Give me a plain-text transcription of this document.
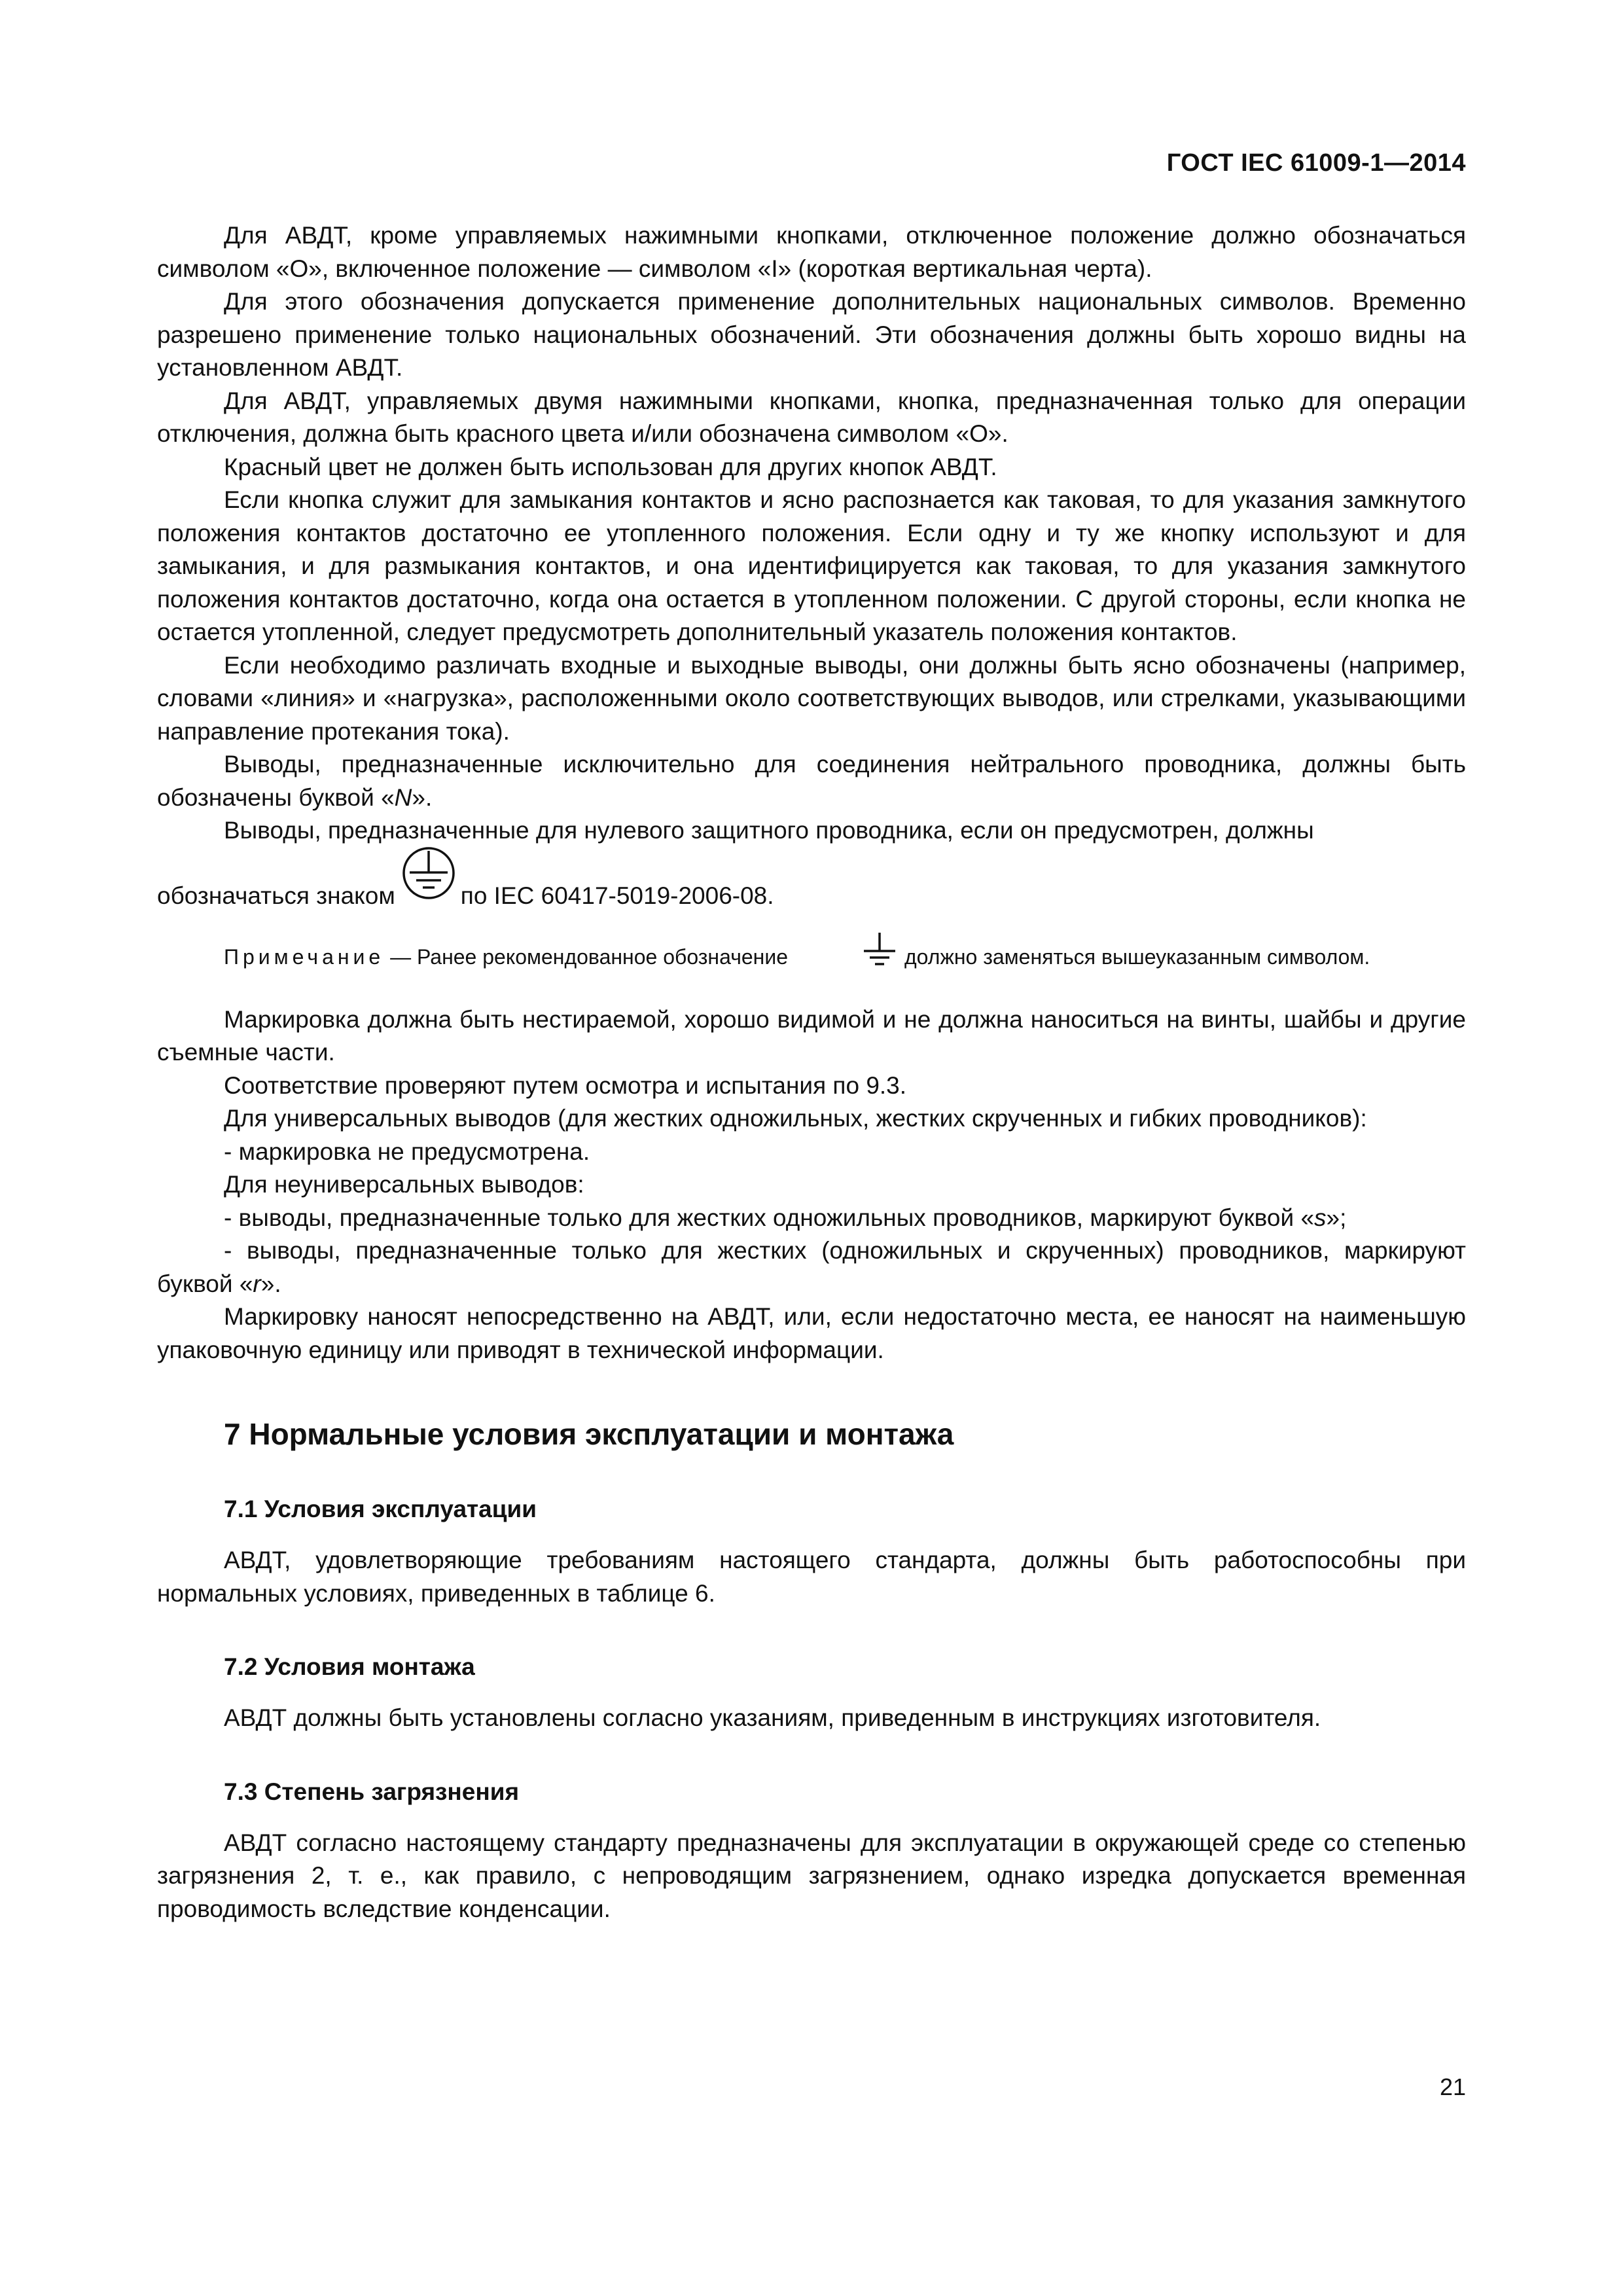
ГОСТ IEC 61009-1—2014

Для АВДТ, кроме управляемых нажимными кнопками, отключенное положение должно обозначаться символом «O», включенное положение — символом «I» (короткая вертикальная черта).

Для этого обозначения допускается применение дополнительных национальных символов. Временно разрешено применение только национальных обозначений. Эти обозначения должны быть хорошо видны на установленном АВДТ.

Для АВДТ, управляемых двумя нажимными кнопками, кнопка, предназначенная только для операции отключения, должна быть красного цвета и/или обозначена символом «O».

Красный цвет не должен быть использован для других кнопок АВДТ.

Если кнопка служит для замыкания контактов и ясно распознается как таковая, то для указания замкнутого положения контактов достаточно ее утопленного положения. Если одну и ту же кнопку используют и для замыкания, и для размыкания контактов, и она идентифицируется как таковая, то для указания замкнутого положения контактов достаточно, когда она остается в утопленном положении. С другой стороны, если кнопка не остается утопленной, следует предусмотреть дополнительный указатель положения контактов.

Если необходимо различать входные и выходные выводы, они должны быть ясно обозначены (например, словами «линия» и «нагрузка», расположенными около соответствующих выводов, или стрелками, указывающими направление протекания тока).

Выводы, предназначенные исключительно для соединения нейтрального проводника, должны быть обозначены буквой «N».

Выводы, предназначенные для нулевого защитного проводника, если он предусмотрен, должны

обозначаться знаком	по IEC 60417-5019-2006-08.

Примечание — Ранее рекомендованное обозначение	должно заменяться вышеуказанным символом.

Маркировка должна быть нестираемой, хорошо видимой и не должна наноситься на винты, шайбы и другие съемные части.

Соответствие проверяют путем осмотра и испытания по 9.3.

Для универсальных выводов (для жестких одножильных, жестких скрученных и гибких проводников):

- маркировка не предусмотрена.

Для неуниверсальных выводов:

- выводы, предназначенные только для жестких одножильных проводников, маркируют буквой «s»;

- выводы, предназначенные только для жестких (одножильных и скрученных) проводников, маркируют буквой «r».

Маркировку наносят непосредственно на АВДТ, или, если недостаточно места, ее наносят на наименьшую упаковочную единицу или приводят в технической информации.

7 Нормальные условия эксплуатации и монтажа
7.1 Условия эксплуатации

АВДТ, удовлетворяющие требованиям настоящего стандарта, должны быть работоспособны при нормальных условиях, приведенных в таблице 6.

7.2 Условия монтажа

АВДТ должны быть установлены согласно указаниям, приведенным в инструкциях изготовителя.

7.3 Степень загрязнения

АВДТ согласно настоящему стандарту предназначены для эксплуатации в окружающей среде со степенью загрязнения 2, т. е., как правило, с непроводящим загрязнением, однако изредка допускается временная проводимость вследствие конденсации.

21
